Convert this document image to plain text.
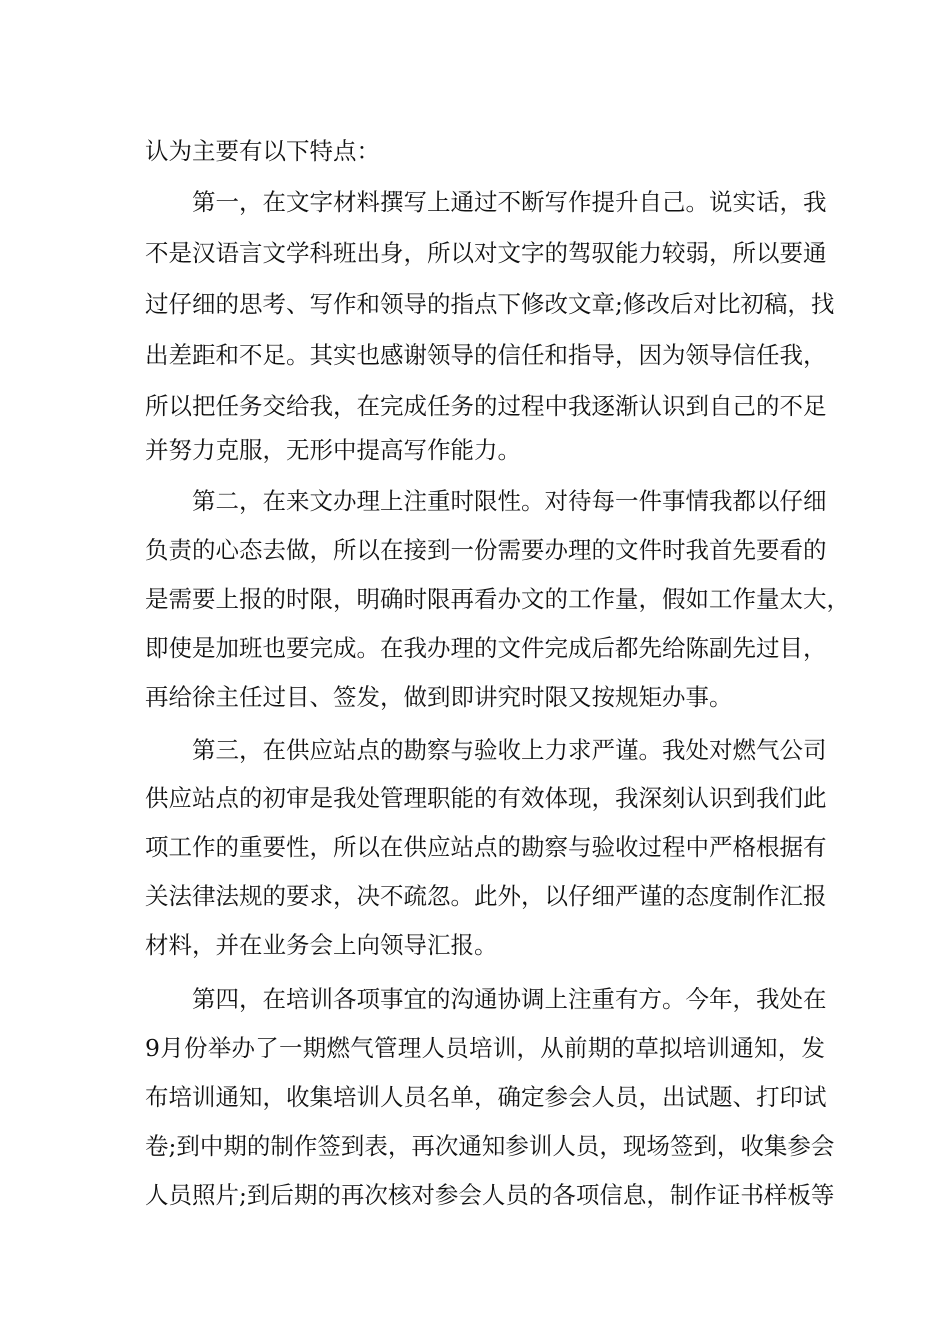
认为主要有以下特点：
第一，在文字材料撰写上通过不断写作提升自己。说实话，我
不是汉语言文学科班出身，所以对文字的驾驭能力较弱，所以要通
过仔细的思考、写作和领导的指点下修改文章;修改后对比初稿，找
出差距和不足。其实也感谢领导的信任和指导，因为领导信任我，
所以把任务交给我，在完成任务的过程中我逐渐认识到自己的不足
并努力克服，无形中提高写作能力。
第二，在来文办理上注重时限性。对待每一件事情我都以仔细
负责的心态去做，所以在接到一份需要办理的文件时我首先要看的
是需要上报的时限，明确时限再看办文的工作量，假如工作量太大，
即使是加班也要完成。在我办理的文件完成后都先给陈副先过目，
再给徐主任过目、签发，做到即讲究时限又按规矩办事。
第三，在供应站点的勘察与验收上力求严谨。我处对燃气公司
供应站点的初审是我处管理职能的有效体现，我深刻认识到我们此
项工作的重要性，所以在供应站点的勘察与验收过程中严格根据有
关法律法规的要求，决不疏忽。此外，以仔细严谨的态度制作汇报
材料，并在业务会上向领导汇报。
第四，在培训各项事宜的沟通协调上注重有方。今年，我处在
9月份举办了一期燃气管理人员培训，从前期的草拟培训通知，发
布培训通知，收集培训人员名单，确定参会人员，出试题、打印试
卷;到中期的制作签到表，再次通知参训人员，现场签到，收集参会
人员照片;到后期的再次核对参会人员的各项信息，制作证书样板等
